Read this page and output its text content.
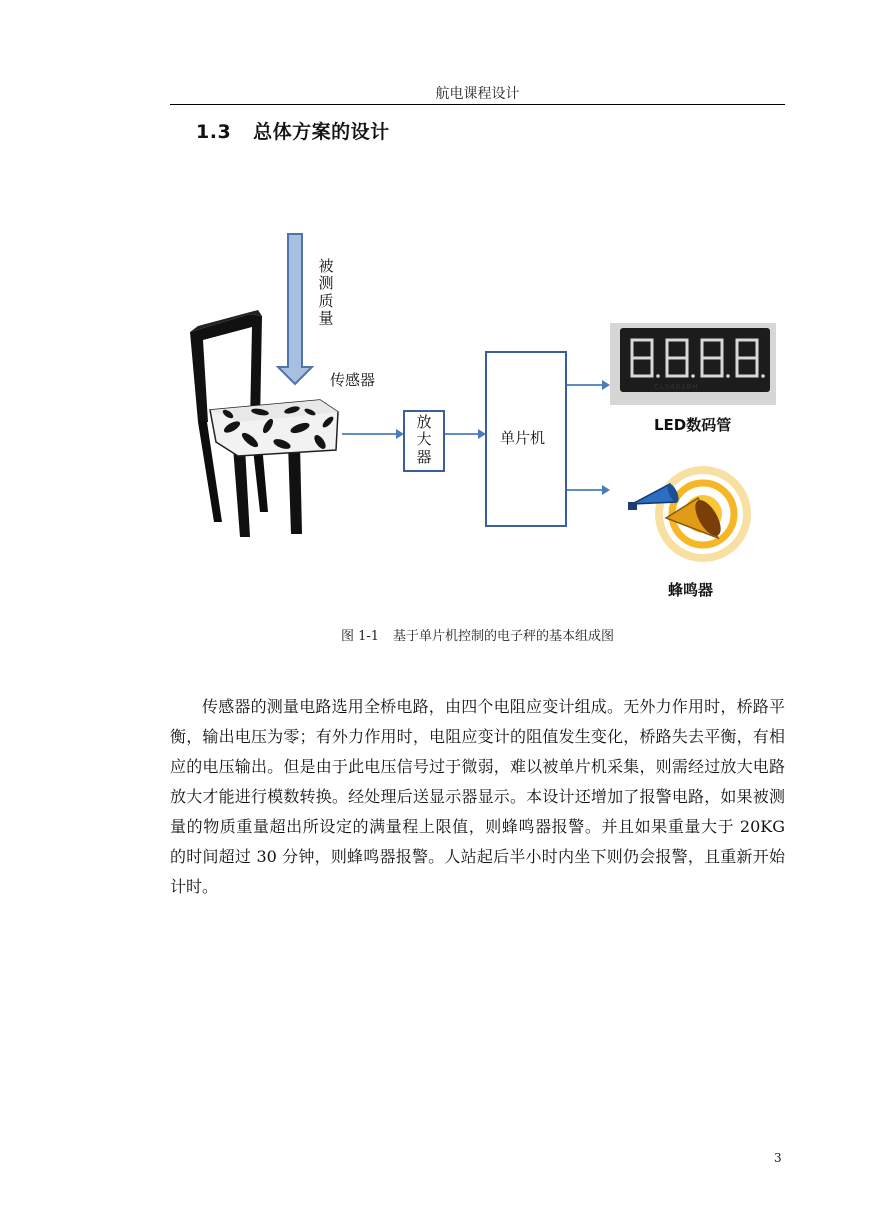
航电课程设计
1.3 总体方案的设计
被测质量
传感器
放大器
单片机
CL5461BH
LED数码管
蜂鸣器
图 1-1 基于单片机控制的电子秤的基本组成图
传感器的测量电路选用全桥电路，由四个电阻应变计组成。无外力作用时，桥路平衡，输出电压为零；有外力作用时，电阻应变计的阻值发生变化，桥路失去平衡，有相应的电压输出。但是由于此电压信号过于微弱，难以被单片机采集，则需经过放大电路放大才能进行模数转换。经处理后送显示器显示。本设计还增加了报警电路，如果被测量的物质重量超出所设定的满量程上限值，则蜂鸣器报警。并且如果重量大于 20KG 的时间超过 30 分钟，则蜂鸣器报警。人站起后半小时内坐下则仍会报警，且重新开始计时。
3
